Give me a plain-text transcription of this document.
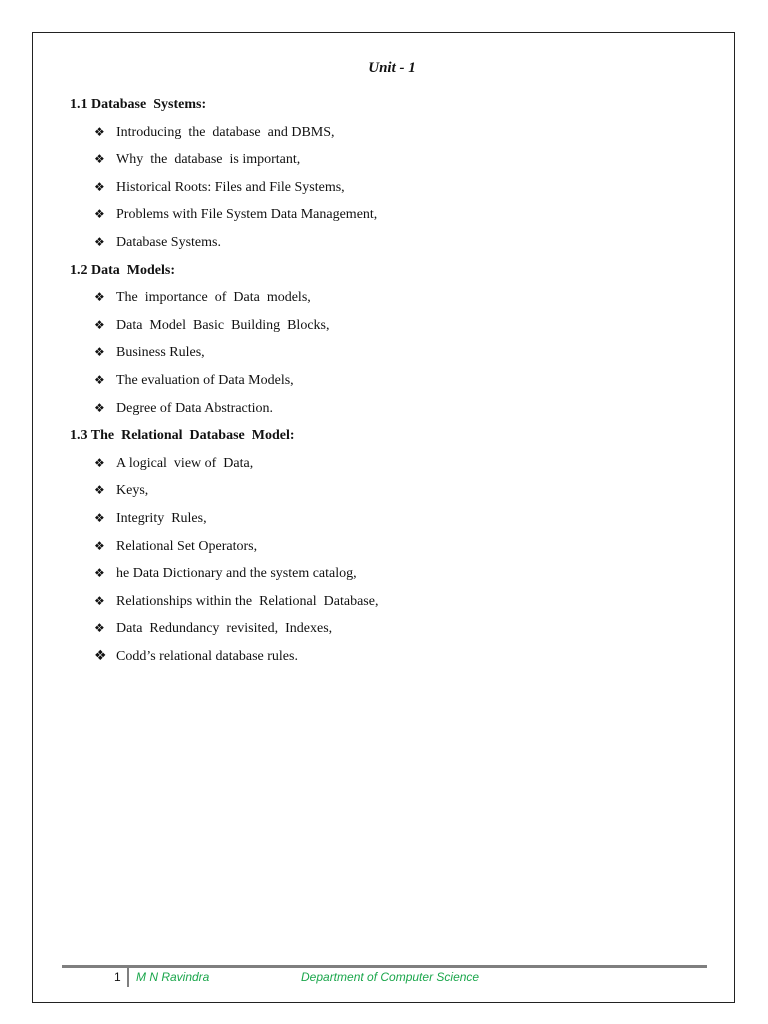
Unit - 1
1.1 Database  Systems:
❖ Introducing  the  database  and DBMS,
❖ Why  the  database  is important,
❖ Historical Roots: Files and File Systems,
❖ Problems with File System Data Management,
❖ Database Systems.
1.2 Data  Models:
❖ The  importance  of  Data  models,
❖ Data  Model  Basic  Building  Blocks,
❖ Business Rules,
❖ The evaluation of Data Models,
❖ Degree of Data Abstraction.
1.3 The  Relational  Database  Model:
❖ A logical  view of  Data,
❖ Keys,
❖ Integrity  Rules,
❖ Relational Set Operators,
❖ he Data Dictionary and the system catalog,
❖ Relationships within the  Relational  Database,
❖ Data  Redundancy  revisited,  Indexes,
❖ Codd’s relational database rules.
1 M N Ravindra	Department of Computer Science
